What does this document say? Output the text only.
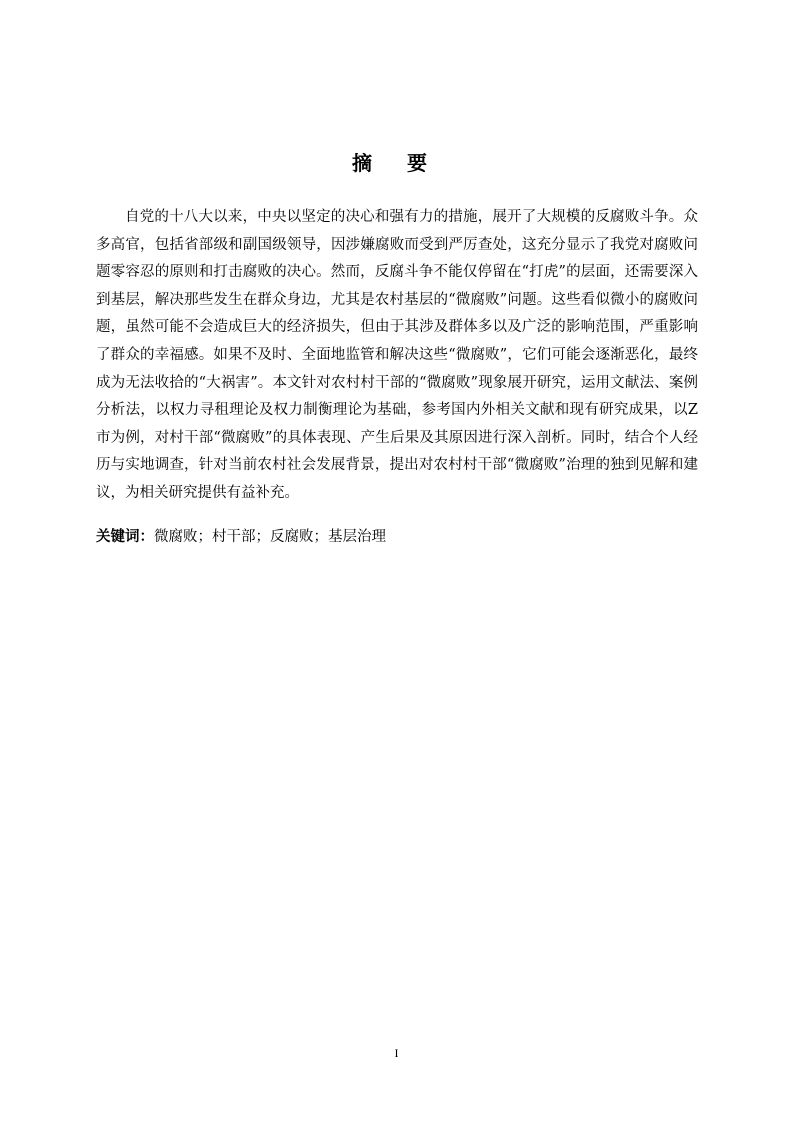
摘 要

自党的十八大以来，中央以坚定的决心和强有力的措施，展开了大规模的反腐败斗争。众多高官，包括省部级和副国级领导，因涉嫌腐败而受到严厉查处，这充分显示了我党对腐败问题零容忍的原则和打击腐败的决心。然而，反腐斗争不能仅停留在“打虎”的层面，还需要深入到基层，解决那些发生在群众身边，尤其是农村基层的“微腐败”问题。这些看似微小的腐败问题，虽然可能不会造成巨大的经济损失，但由于其涉及群体多以及广泛的影响范围，严重影响了群众的幸福感。如果不及时、全面地监管和解决这些“微腐败”，它们可能会逐渐恶化，最终成为无法收拾的“大祸害”。本文针对农村村干部的“微腐败”现象展开研究，运用文献法、案例分析法，以权力寻租理论及权力制衡理论为基础，参考国内外相关文献和现有研究成果，以Z市为例，对村干部“微腐败”的具体表现、产生后果及其原因进行深入剖析。同时，结合个人经历与实地调查，针对当前农村社会发展背景，提出对农村村干部“微腐败”治理的独到见解和建议，为相关研究提供有益补充。

关键词：微腐败；村干部；反腐败；基层治理

I
